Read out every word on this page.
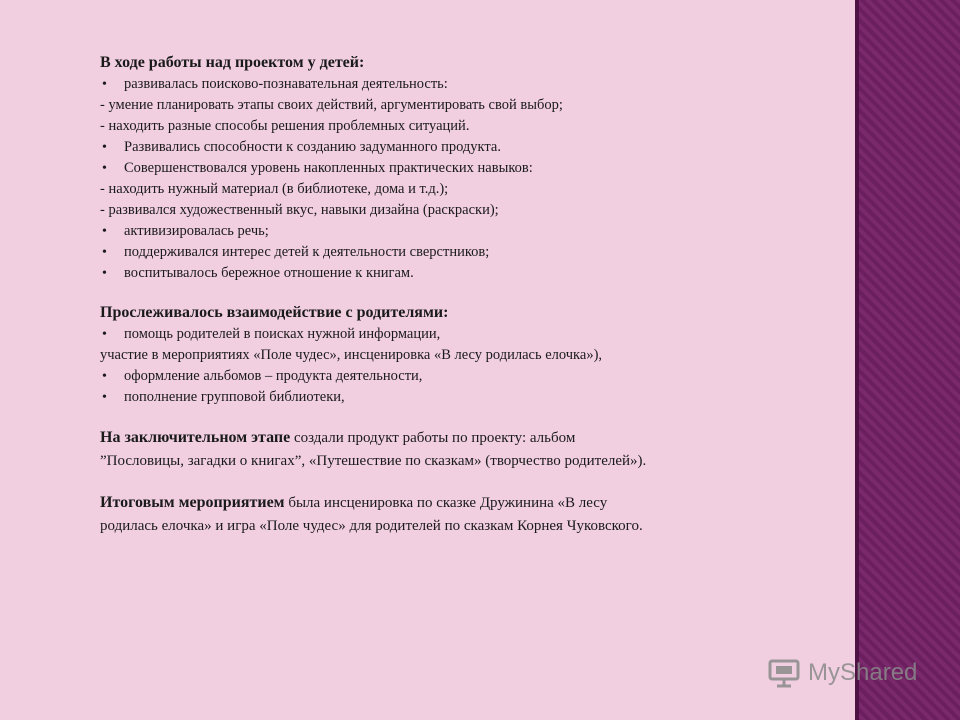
В ходе работы над проектом у детей:
• развивалась поисково-познавательная деятельность:
- умение планировать этапы своих действий, аргументировать свой выбор;
- находить разные способы решения проблемных ситуаций.
• Развивались способности к созданию задуманного продукта.
• Совершенствовался уровень накопленных практических навыков:
- находить нужный материал (в библиотеке, дома и т.д.);
- развивался художественный вкус, навыки дизайна (раскраски);
• активизировалась речь;
• поддерживался интерес детей к деятельности сверстников;
• воспитывалось бережное отношение к книгам.
Прослеживалось взаимодействие с родителями:
• помощь родителей в поисках нужной информации,
участие в мероприятиях «Поле чудес», инсценировка «В лесу родилась елочка»),
• оформление альбомов – продукта деятельности,
• пополнение групповой библиотеки,
На заключительном этапе создали продукт работы по проекту: альбом
”Пословицы, загадки о книгах”, «Путешествие по сказкам» (творчество родителей»).
Итоговым мероприятием была инсценировка по сказке Дружинина «В лесу
родилась елочка» и игра «Поле чудес» для родителей по сказкам Корнея Чуковского.
MyShared
